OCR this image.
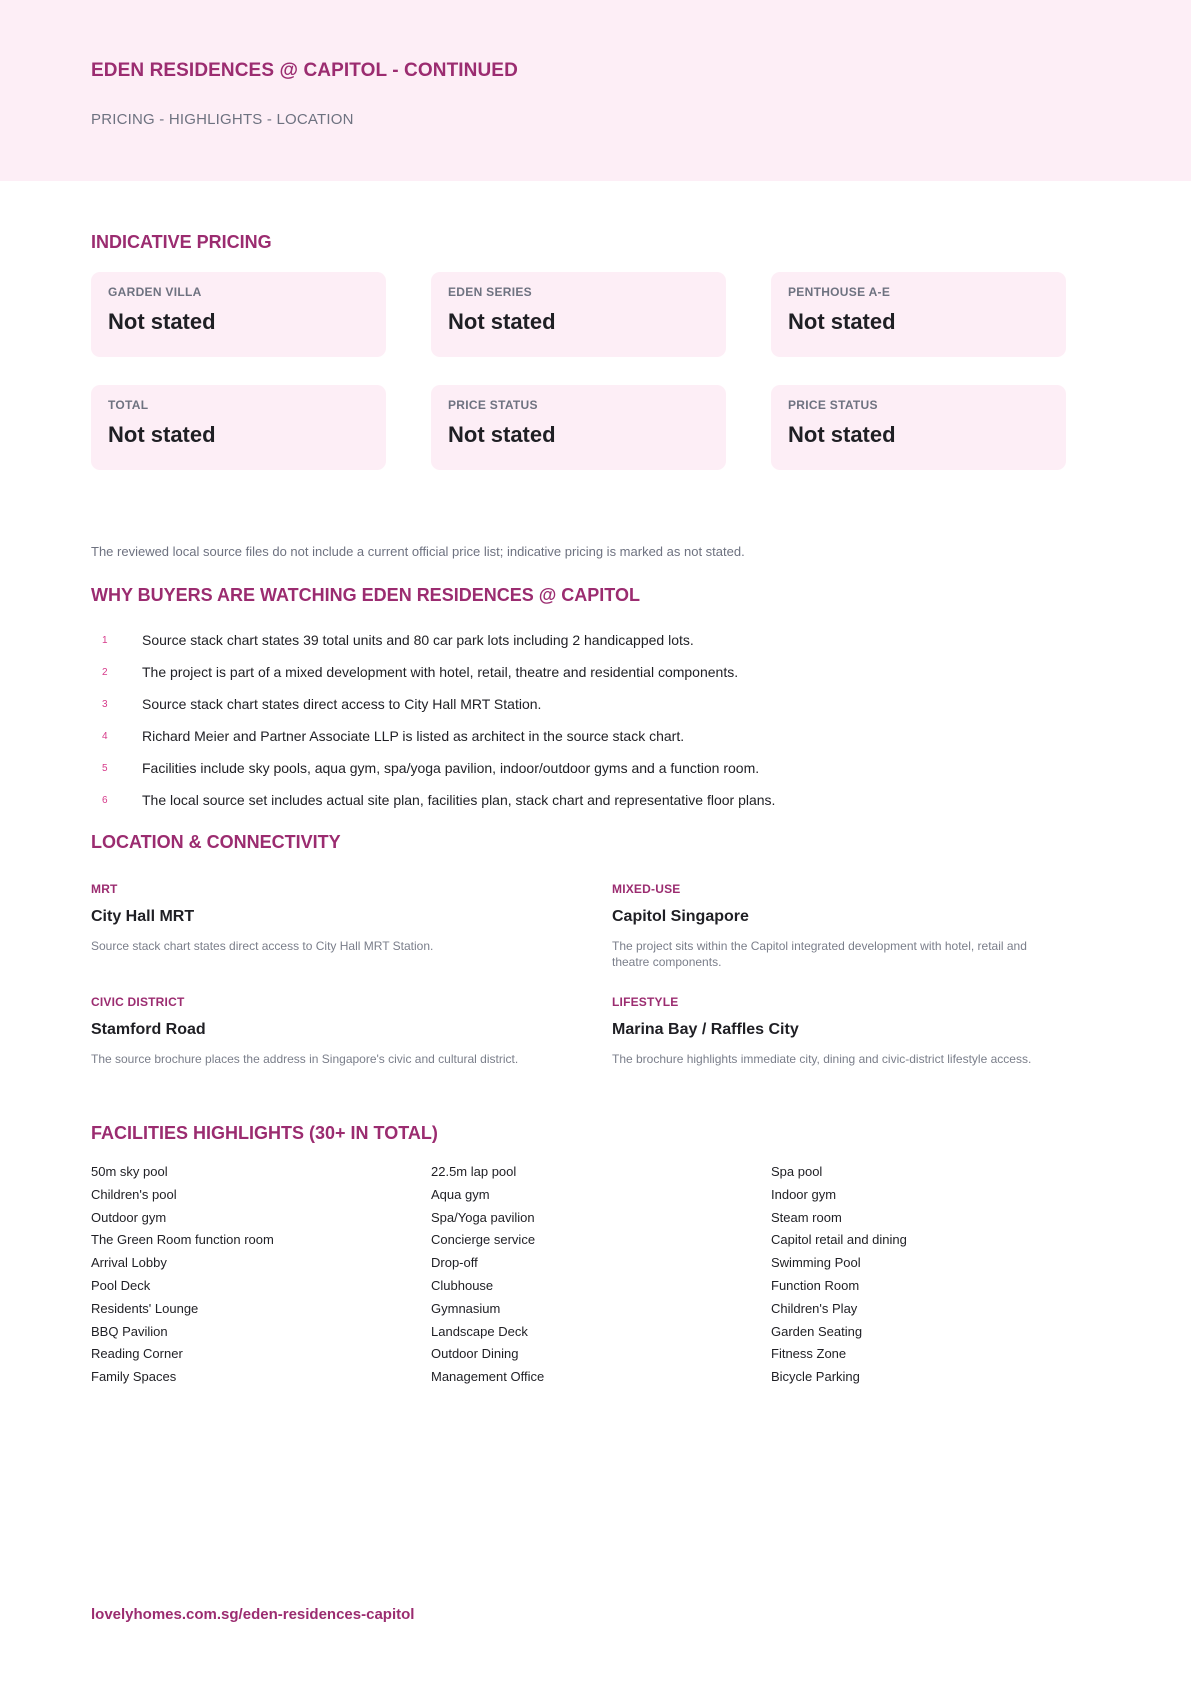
EDEN RESIDENCES @ CAPITOL - CONTINUED
PRICING - HIGHLIGHTS - LOCATION
INDICATIVE PRICING
GARDEN VILLA
Not stated
EDEN SERIES
Not stated
PENTHOUSE A-E
Not stated
TOTAL
Not stated
PRICE STATUS
Not stated
PRICE STATUS
Not stated
The reviewed local source files do not include a current official price list; indicative pricing is marked as not stated.
WHY BUYERS ARE WATCHING EDEN RESIDENCES @ CAPITOL
1	Source stack chart states 39 total units and 80 car park lots including 2 handicapped lots.
2	The project is part of a mixed development with hotel, retail, theatre and residential components.
3	Source stack chart states direct access to City Hall MRT Station.
4	Richard Meier and Partner Associate LLP is listed as architect in the source stack chart.
5	Facilities include sky pools, aqua gym, spa/yoga pavilion, indoor/outdoor gyms and a function room.
6	The local source set includes actual site plan, facilities plan, stack chart and representative floor plans.
LOCATION & CONNECTIVITY
MRT
City Hall MRT
Source stack chart states direct access to City Hall MRT Station.
MIXED-USE
Capitol Singapore
The project sits within the Capitol integrated development with hotel, retail and theatre components.
CIVIC DISTRICT
Stamford Road
The source brochure places the address in Singapore's civic and cultural district.
LIFESTYLE
Marina Bay / Raffles City
The brochure highlights immediate city, dining and civic-district lifestyle access.
FACILITIES HIGHLIGHTS (30+ IN TOTAL)
50m sky pool
Children's pool
Outdoor gym
The Green Room function room
Arrival Lobby
Pool Deck
Residents' Lounge
BBQ Pavilion
Reading Corner
Family Spaces
22.5m lap pool
Aqua gym
Spa/Yoga pavilion
Concierge service
Drop-off
Clubhouse
Gymnasium
Landscape Deck
Outdoor Dining
Management Office
Spa pool
Indoor gym
Steam room
Capitol retail and dining
Swimming Pool
Function Room
Children's Play
Garden Seating
Fitness Zone
Bicycle Parking
lovelyhomes.com.sg/eden-residences-capitol
